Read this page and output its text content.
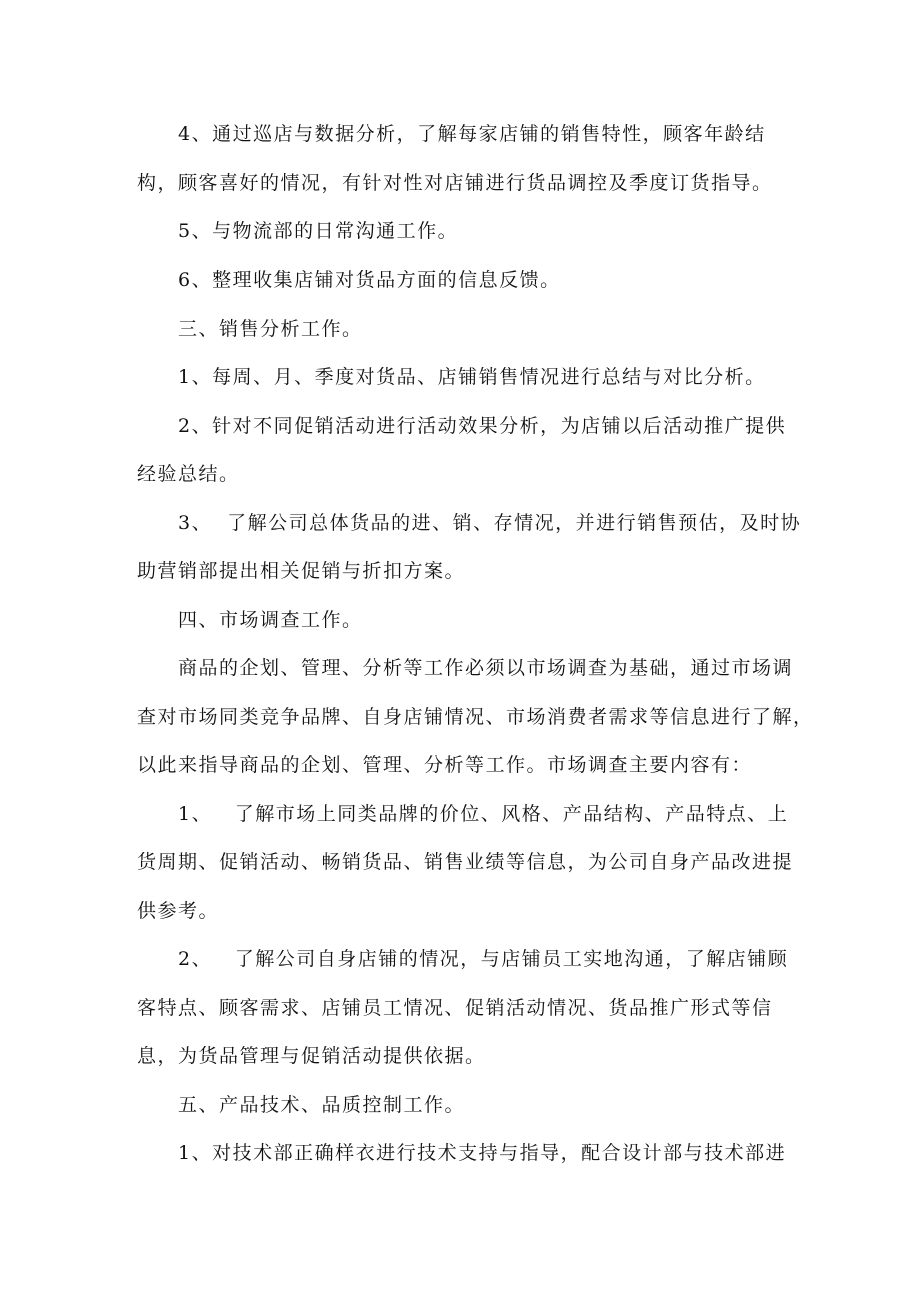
4、通过巡店与数据分析，了解每家店铺的销售特性，顾客年龄结
构，顾客喜好的情况，有针对性对店铺进行货品调控及季度订货指导。
5、与物流部的日常沟通工作。
6、整理收集店铺对货品方面的信息反馈。
三、销售分析工作。
1、每周、月、季度对货品、店铺销售情况进行总结与对比分析。
2、针对不同促销活动进行活动效果分析，为店铺以后活动推广提供
经验总结。
3、  了解公司总体货品的进、销、存情况，并进行销售预估，及时协
助营销部提出相关促销与折扣方案。
四、市场调查工作。
商品的企划、管理、分析等工作必须以市场调查为基础，通过市场调
查对市场同类竞争品牌、自身店铺情况、市场消费者需求等信息进行了解，
以此来指导商品的企划、管理、分析等工作。市场调查主要内容有：
1、   了解市场上同类品牌的价位、风格、产品结构、产品特点、上
货周期、促销活动、畅销货品、销售业绩等信息，为公司自身产品改进提
供参考。
2、   了解公司自身店铺的情况，与店铺员工实地沟通，了解店铺顾
客特点、顾客需求、店铺员工情况、促销活动情况、货品推广形式等信
息，为货品管理与促销活动提供依据。
五、产品技术、品质控制工作。
1、对技术部正确样衣进行技术支持与指导，配合设计部与技术部进
